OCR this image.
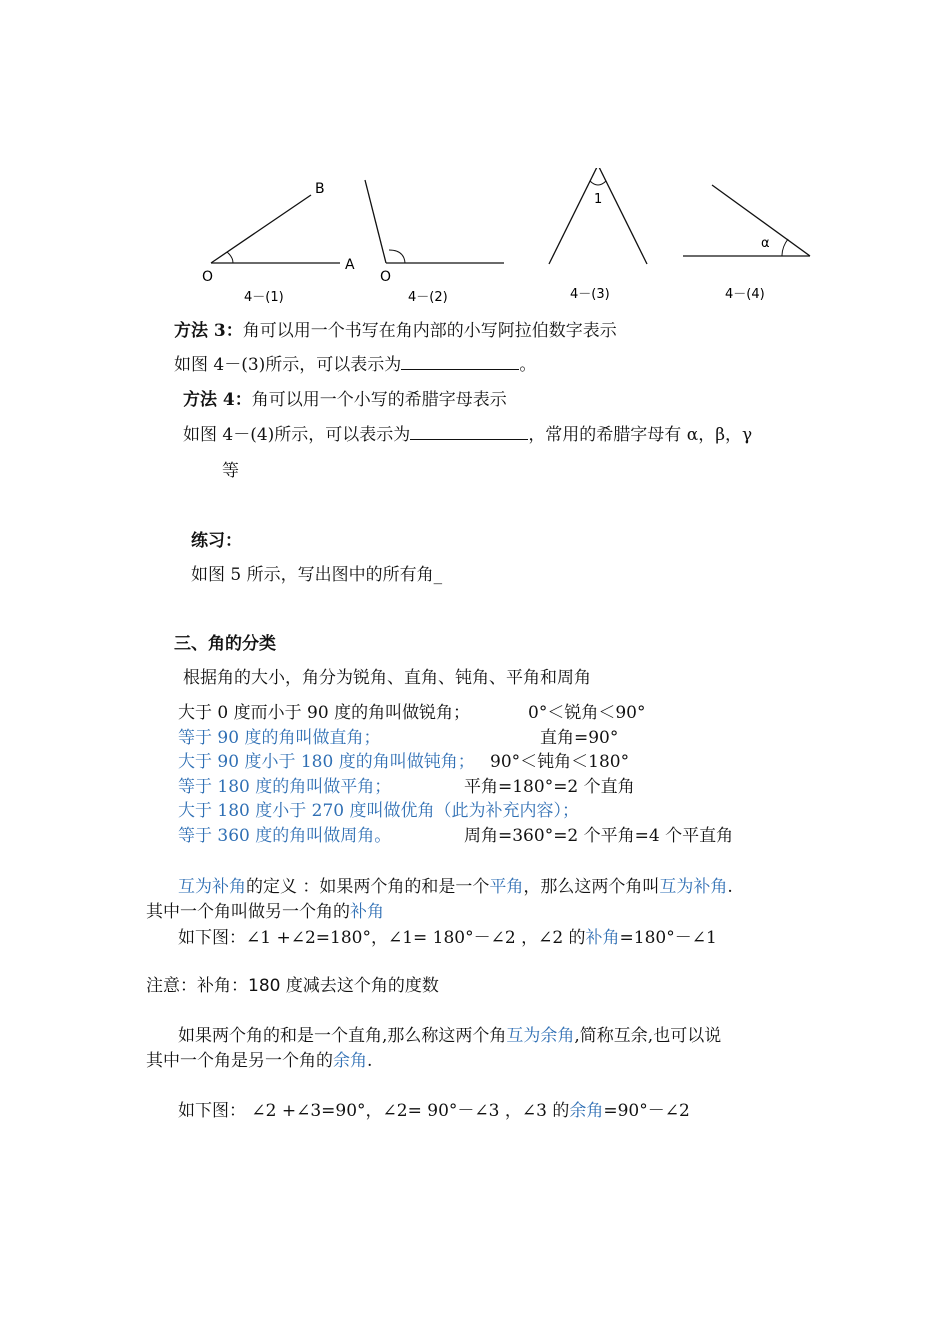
B
O
A
4－(1)
O
4－(2)
1
4－(3)
α
4－(4)
方法 3：角可以用一个书写在角内部的小写阿拉伯数字表示
如图 4－(3)所示，可以表示为	。
方法 4：角可以用一个小写的希腊字母表示
如图 4－(4)所示，可以表示为	，常用的希腊字母有 α，β，γ
等
练习：
如图 5 所示，写出图中的所有角_
三、角的分类
根据角的大小，角分为锐角、直角、钝角、平角和周角
大于 0 度而小于 90 度的角叫做锐角；	0°＜锐角＜90°
等于 90 度的角叫做直角；	直角=90°
大于 90 度小于 180 度的角叫做钝角； 90°＜钝角＜180°
等于 180 度的角叫做平角；	平角=180°=2 个直角
大于 180 度小于 270 度叫做优角（此为补充内容）；
等于 360 度的角叫做周角。	周角=360°=2 个平角=4 个平直角
互为补角的定义 ：如果两个角的和是一个平角，那么这两个角叫互为补角.
其中一个角叫做另一个角的补角
如下图：∠1 +∠2=180°，∠1= 180°－∠2 ，∠2 的补角=180°－∠1
注意：补角：180 度减去这个角的度数
如果两个角的和是一个直角,那么称这两个角互为余角,简称互余,也可以说
其中一个角是另一个角的余角.
如下图： ∠2 +∠3=90°，∠2= 90°－∠3 ，∠3 的余角=90°－∠2
